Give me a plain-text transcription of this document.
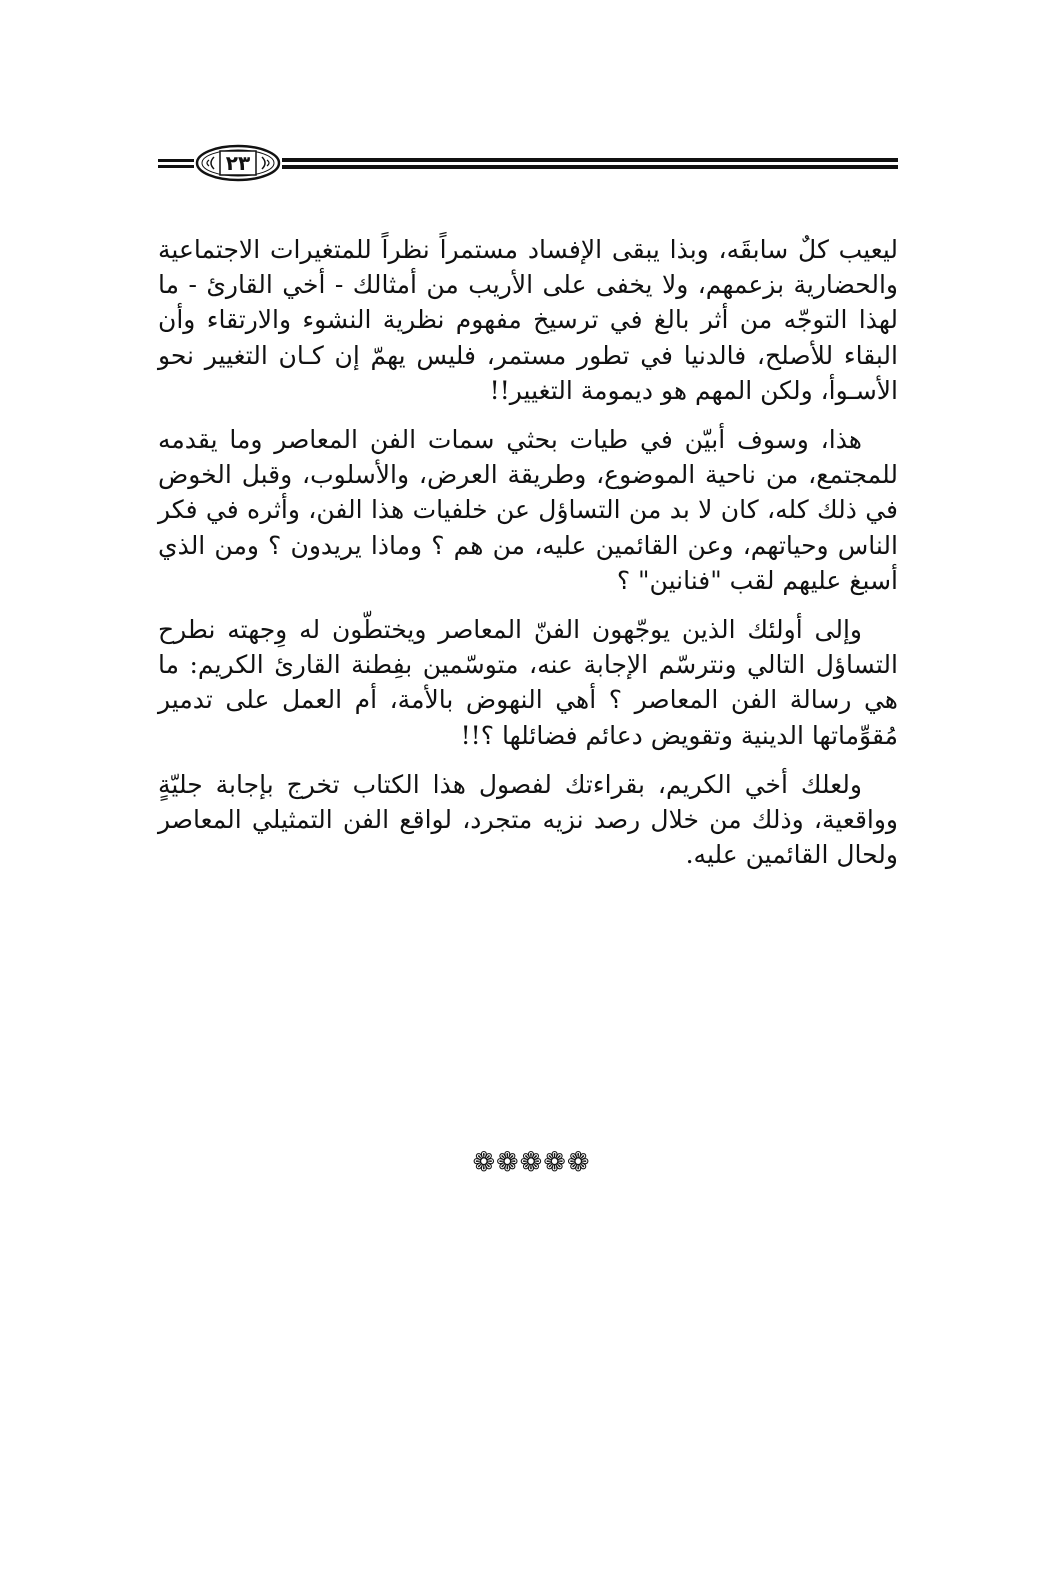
٢٣

ليعيب كلٌ سابقَه، وبذا يبقى الإفساد مستمراً نظراً للمتغيرات الاجتماعية والحضارية بزعمهم، ولا يخفى على الأريب من أمثالك - أخي القارئ - ما لهذا التوجّه من أثر بالغ في ترسيخ مفهوم نظرية النشوء والارتقاء وأن البقاء للأصلح، فالدنيا في تطور مستمر، فليس يهمّ إن كـان التغيير نحو الأسـوأ، ولكن المهم هو ديمومة التغيير!!

هذا، وسوف أبيّن في طيات بحثي سمات الفن المعاصر وما يقدمه للمجتمع، من ناحية الموضوع، وطريقة العرض، والأسلوب، وقبل الخوض في ذلك كله، كان لا بد من التساؤل عن خلفيات هذا الفن، وأثره في فكر الناس وحياتهم، وعن القائمين عليه، من هم ؟ وماذا يريدون ؟ ومن الذي أسبغ عليهم لقب "فنانين" ؟

وإلى أولئك الذين يوجّهون الفنّ المعاصر ويختطّون له وِجهته نطرح التساؤل التالي ونترسّم الإجابة عنه، متوسّمين بفِطنة القارئ الكريم: ما هي رسالة الفن المعاصر ؟ أهي النهوض بالأمة، أم العمل على تدمير مُقوِّماتها الدينية وتقويض دعائم فضائلها ؟!!

ولعلك أخي الكريم، بقراءتك لفصول هذا الكتاب تخرج بإجابة جليّةٍ وواقعية، وذلك من خلال رصد نزيه متجرد، لواقع الفن التمثيلي المعاصر ولحال القائمين عليه.

❁❁❁❁❁
